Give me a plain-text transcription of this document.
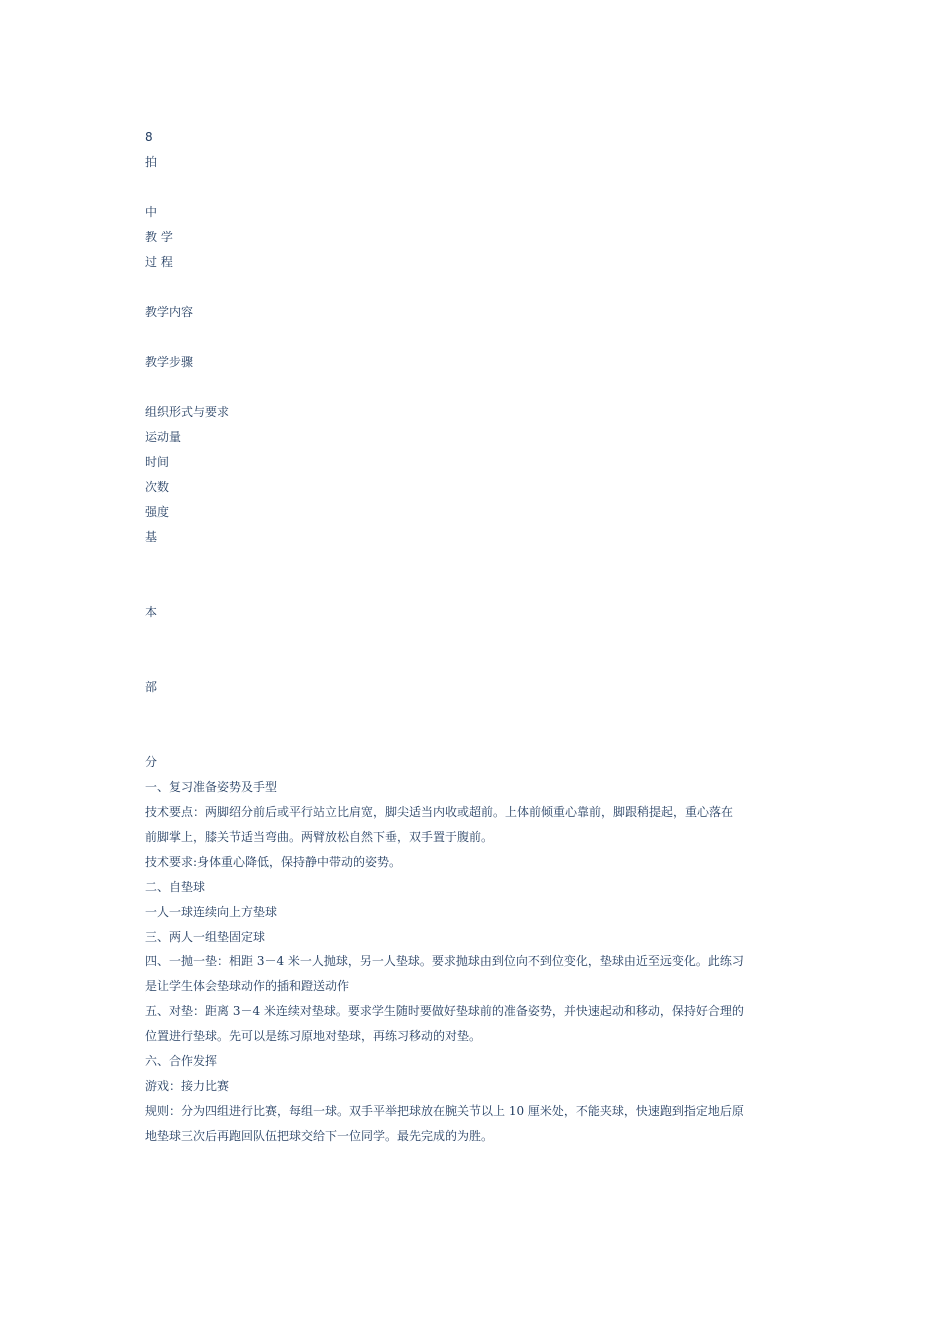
8
拍
中
教 学
过 程
教学内容
教学步骤
组织形式与要求
运动量
时间
次数
强度
基
本
部
分
一、复习准备姿势及手型
技术要点：两脚绍分前后或平行站立比肩宽，脚尖适当内收或超前。上体前倾重心靠前，脚跟稍提起，重心落在
前脚掌上，膝关节适当弯曲。两臂放松自然下垂，双手置于腹前。
技术要求:身体重心降低，保持静中带动的姿势。
二、自垫球
一人一球连续向上方垫球
三、两人一组垫固定球
四、一抛一垫：相距 3－4 米一人抛球，另一人垫球。要求抛球由到位向不到位变化，垫球由近至远变化。此练习
是让学生体会垫球动作的插和蹬送动作
五、对垫：距离 3－4 米连续对垫球。要求学生随时要做好垫球前的准备姿势，并快速起动和移动，保持好合理的
位置进行垫球。先可以是练习原地对垫球，再练习移动的对垫。
六、合作发挥
游戏：接力比赛
规则：分为四组进行比赛，每组一球。双手平举把球放在腕关节以上 10 厘米处，不能夹球，快速跑到指定地后原
地垫球三次后再跑回队伍把球交给下一位同学。最先完成的为胜。
